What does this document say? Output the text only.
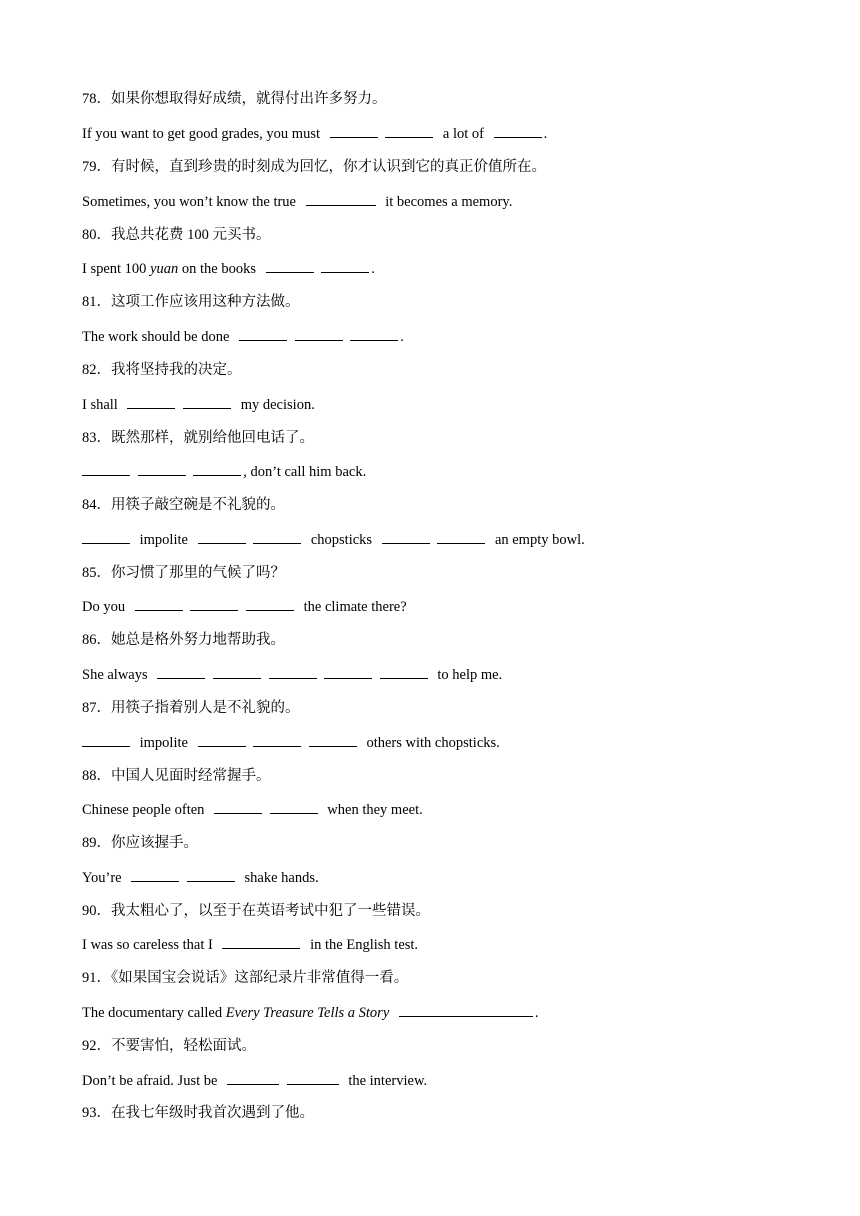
78．如果你想取得好成绩，就得付出许多努力。
If you want to get good grades, you must	a lot of	.
79．有时候，直到珍贵的时刻成为回忆，你才认识到它的真正价值所在。
Sometimes, you won’t know the true	it becomes a memory.
80．我总共花费 100 元买书。
I spent 100 yuan on the books	.
81．这项工作应该用这种方法做。
The work should be done	.
82．我将坚持我的决定。
I shall	my decision.
83．既然那样，就别给他回电话了。
, don’t call him back.
84．用筷子敲空碗是不礼貌的。
impolite	chopsticks	an empty bowl.
85．你习惯了那里的气候了吗？
Do you	the climate there?
86．她总是格外努力地帮助我。
She always	to help me.
87．用筷子指着别人是不礼貌的。
impolite	others with chopsticks.
88．中国人见面时经常握手。
Chinese people often	when they meet.
89．你应该握手。
You’re	shake hands.
90．我太粗心了，以至于在英语考试中犯了一些错误。
I was so careless that I	in the English test.
91．《如果国宝会说话》这部纪录片非常值得一看。
The documentary called Every Treasure Tells a Story	.
92．不要害怕，轻松面试。
Don’t be afraid. Just be	the interview.
93．在我七年级时我首次遇到了他。
